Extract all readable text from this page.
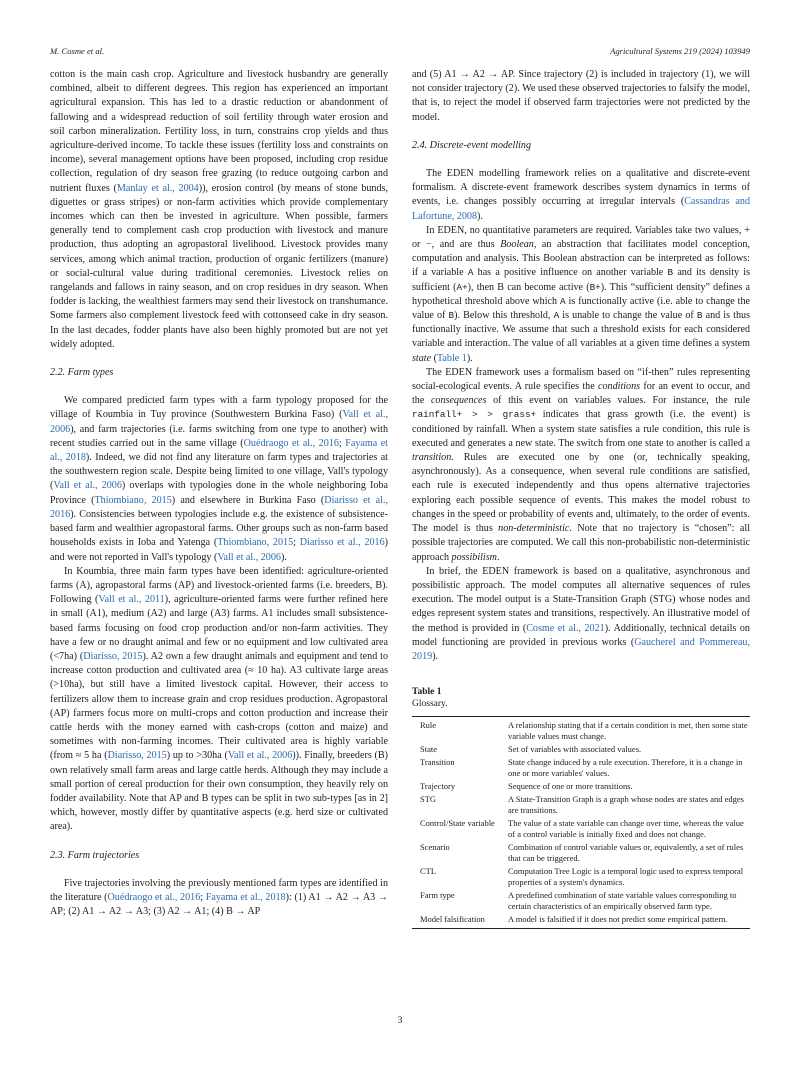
M. Cosme et al.	Agricultural Systems 219 (2024) 103949

cotton is the main cash crop. Agriculture and livestock husbandry are generally combined, albeit to different degrees. This region has experienced an important agricultural expansion. This has led to a drastic reduction or abandonment of fallowing and a widespread reduction of soil fertility through water erosion and soil carbon mineralization. Fertility loss, in turn, constrains crop yields and thus agriculture-derived income. To tackle these issues (fertility loss and constraints on income), several management options have been proposed, including crop residue collection, regulation of dry season free grazing (to reduce outgoing carbon and nutrient fluxes (Manlay et al., 2004)), erosion control (by means of stone bunds, diguettes or grass stripes) or non-farm activities which provide complementary incomes which can then be invested in agriculture. When possible, farmers generally tend to complement cash crop production with livestock and manure production, thus adopting an agropastoral livelihood. Livestock provides many services, among which animal traction, production of organic fertilizers (manure) or social-cultural value during traditional ceremonies. Livestock relies on rangelands and fallows in rainy season, and on crop residues in dry season. When fodder is lacking, the wealthiest farmers may send their livestock on transhumance. Some farmers also complement livestock feed with cottonseed cake in dry season. In the last decades, fodder plants have also been highly promoted but are not yet widely adopted.

2.2. Farm types

We compared predicted farm types with a farm typology proposed for the village of Koumbia in Tuy province (Southwestern Burkina Faso) (Vall et al., 2006), and farm trajectories (i.e. farms switching from one type to another) with recent studies carried out in the same village (Ouédraogo et al., 2016; Fayama et al., 2018). Indeed, we did not find any literature on farm types and trajectories at the southwestern region scale. Despite being limited to one village, Vall's typology (Vall et al., 2006) overlaps with typologies done in the whole neighboring Ioba Province (Thiombiano, 2015) and elsewhere in Burkina Faso (Diarisso et al., 2016). Consistencies between typologies include e.g. the existence of subsistence-based farm and wealthier agropastoral farms. Other groups such as non-farm based households exists in Ioba and Yatenga (Thiombiano, 2015; Diarisso et al., 2016) and were not reported in Vall's typology (Vall et al., 2006).

In Koumbia, three main farm types have been identified: agriculture-oriented farms (A), agropastoral farms (AP) and livestock-oriented farms (i.e. breeders, B). Following (Vall et al., 2011), agriculture-oriented farms were further refined here in small (A1), medium (A2) and large (A3) farms. A1 includes small subsistence-based farms focusing on food crop production and/or non-farm activities. They have a few or no draught animal and few or no equipment and low cultivated area (<7ha) (Diarisso, 2015). A2 own a few draught animals and equipment and tend to increase cotton production and cultivated area (≈ 10 ha). A3 cultivate large areas (>10ha), but still have a limited livestock capital. However, their access to fertilizers allow them to increase grain and crop residues production. Agropastoral (AP) farmers focus more on multi-crops and cotton production and increase their cattle herds with the money earned with cash-crops (cotton and maize) and sometimes with non-farming incomes. Their cultivated area is highly variable (from ≈ 5 ha (Diarisso, 2015) up to >30ha (Vall et al., 2006)). Finally, breeders (B) own relatively small farm areas and large cattle herds. Although they may include a small portion of cereal production for their own consumption, they heavily rely on fodder availability. Note that AP and B types can be split in two sub-types [as in 2] which, however, mostly differ by quantitative aspects (e.g. herd size or cultivated area).

2.3. Farm trajectories

Five trajectories involving the previously mentioned farm types are identified in the literature (Ouédraogo et al., 2016; Fayama et al., 2018): (1) A1 → A2 → A3 → AP; (2) A1 → A2 → A3; (3) A2 → A1; (4) B → AP

and (5) A1 → A2 → AP. Since trajectory (2) is included in trajectory (1), we will not consider trajectory (2). We used these observed trajectories to falsify the model, that is, to reject the model if observed farm trajectories were not predicted by the model.

2.4. Discrete-event modelling

The EDEN modelling framework relies on a qualitative and discrete-event formalism. A discrete-event framework describes system dynamics in terms of events, i.e. changes possibly occurring at irregular intervals (Cassandras and Lafortune, 2008).

In EDEN, no quantitative parameters are required. Variables take two values, + or −, and are thus Boolean, an abstraction that facilitates model conception, computation and analysis. This Boolean abstraction can be interpreted as follows: if a variable A has a positive influence on another variable B and its density is sufficient (A+), then B can become active (B+). This “sufficient density” defines a hypothetical threshold above which A is functionally active (i.e. able to change the value of B). Below this threshold, A is unable to change the value of B and is thus functionally inactive. We assume that such a threshold exists for each considered variable and interaction. The value of all variables at a given time defines a system state (Table 1).

The EDEN framework uses a formalism based on “if-then” rules representing social-ecological events. A rule specifies the conditions for an event to occur, and the consequences of this event on variables values. For instance, the rule rainfall+ > > grass+ indicates that grass growth (i.e. the event) is conditioned by rainfall. When a system state satisfies a rule condition, this rule is executed and generates a new state. The switch from one state to another is called a transition. Rules are executed one by one (or, technically speaking, asynchronously). As a consequence, when several rule conditions are satisfied, each rule is executed independently and thus opens alternative trajectories exploring each possible sequence of events. This makes the model robust to changes in the speed or probability of events and, ultimately, to the order of events. The model is thus non-deterministic. Note that no trajectory is “chosen”: all possible trajectories are computed. We call this non-probabilistic non-deterministic approach possibilism.

In brief, the EDEN framework is based on a qualitative, asynchronous and possibilistic approach. The model computes all alternative sequences of rules execution. The model output is a State-Transition Graph (STG) whose nodes and edges represent system states and transitions, respectively. An illustrative model of the method is provided in (Cosme et al., 2021). Additionally, technical details on model functioning are provided in previous works (Gaucherel and Pommereau, 2019).

Table 1
Glossary.
Rule	A relationship stating that if a certain condition is met, then some state variable values must change.
State	Set of variables with associated values.
Transition	State change induced by a rule execution. Therefore, it is a change in one or more variables' values.
Trajectory	Sequence of one or more transitions.
STG	A State-Transition Graph is a graph whose nodes are states and edges are transitions.
Control/State variable	The value of a state variable can change over time, whereas the value of a control variable is initially fixed and does not change.
Scenario	Combination of control variable values or, equivalently, a set of rules that can be triggered.
CTL	Computation Tree Logic is a temporal logic used to express temporal properties of a system's dynamics.
Farm type	A predefined combination of state variable values corresponding to certain characteristics of an empirically observed farm type.
Model falsification	A model is falsified if it does not predict some empirical pattern.
3
